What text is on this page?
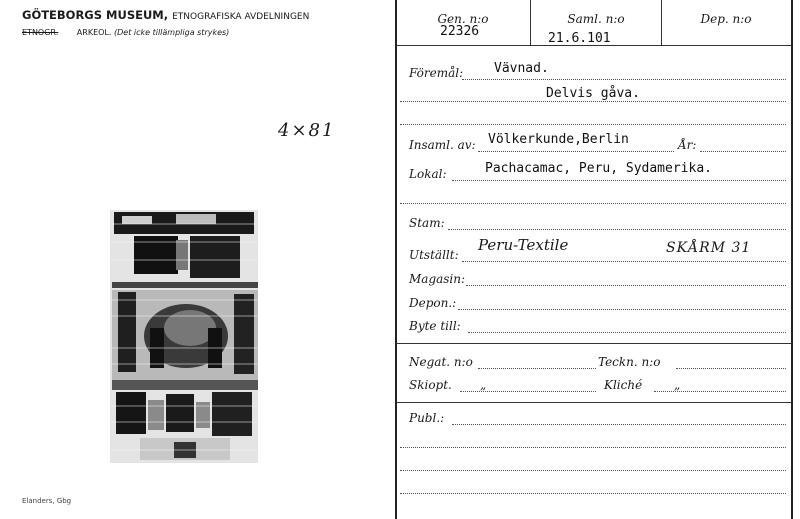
GÖTEBORGS MUSEUM, ETNOGRAFISKA AVDELNINGEN
ETNOGR. ARKEOL. (Det icke tillämpliga strykes)
4×81
Elanders, Gbg
Gen. n:o
22326
Saml. n:o
21.6.101
Dep. n:o
Föremål: Vävnad.
Delvis gåva.
Insaml. av: Völkerkunde,Berlin	År:
Lokal:	Pachacamac, Peru, Sydamerika.
Stam:
Utställt:
Peru-Textile	SKÅRM 31
Magasin:
Depon.:
Byte till:
Negat. n:o	Teckn. n:o
Skiopt. „	Kliché	„
Publ.:
